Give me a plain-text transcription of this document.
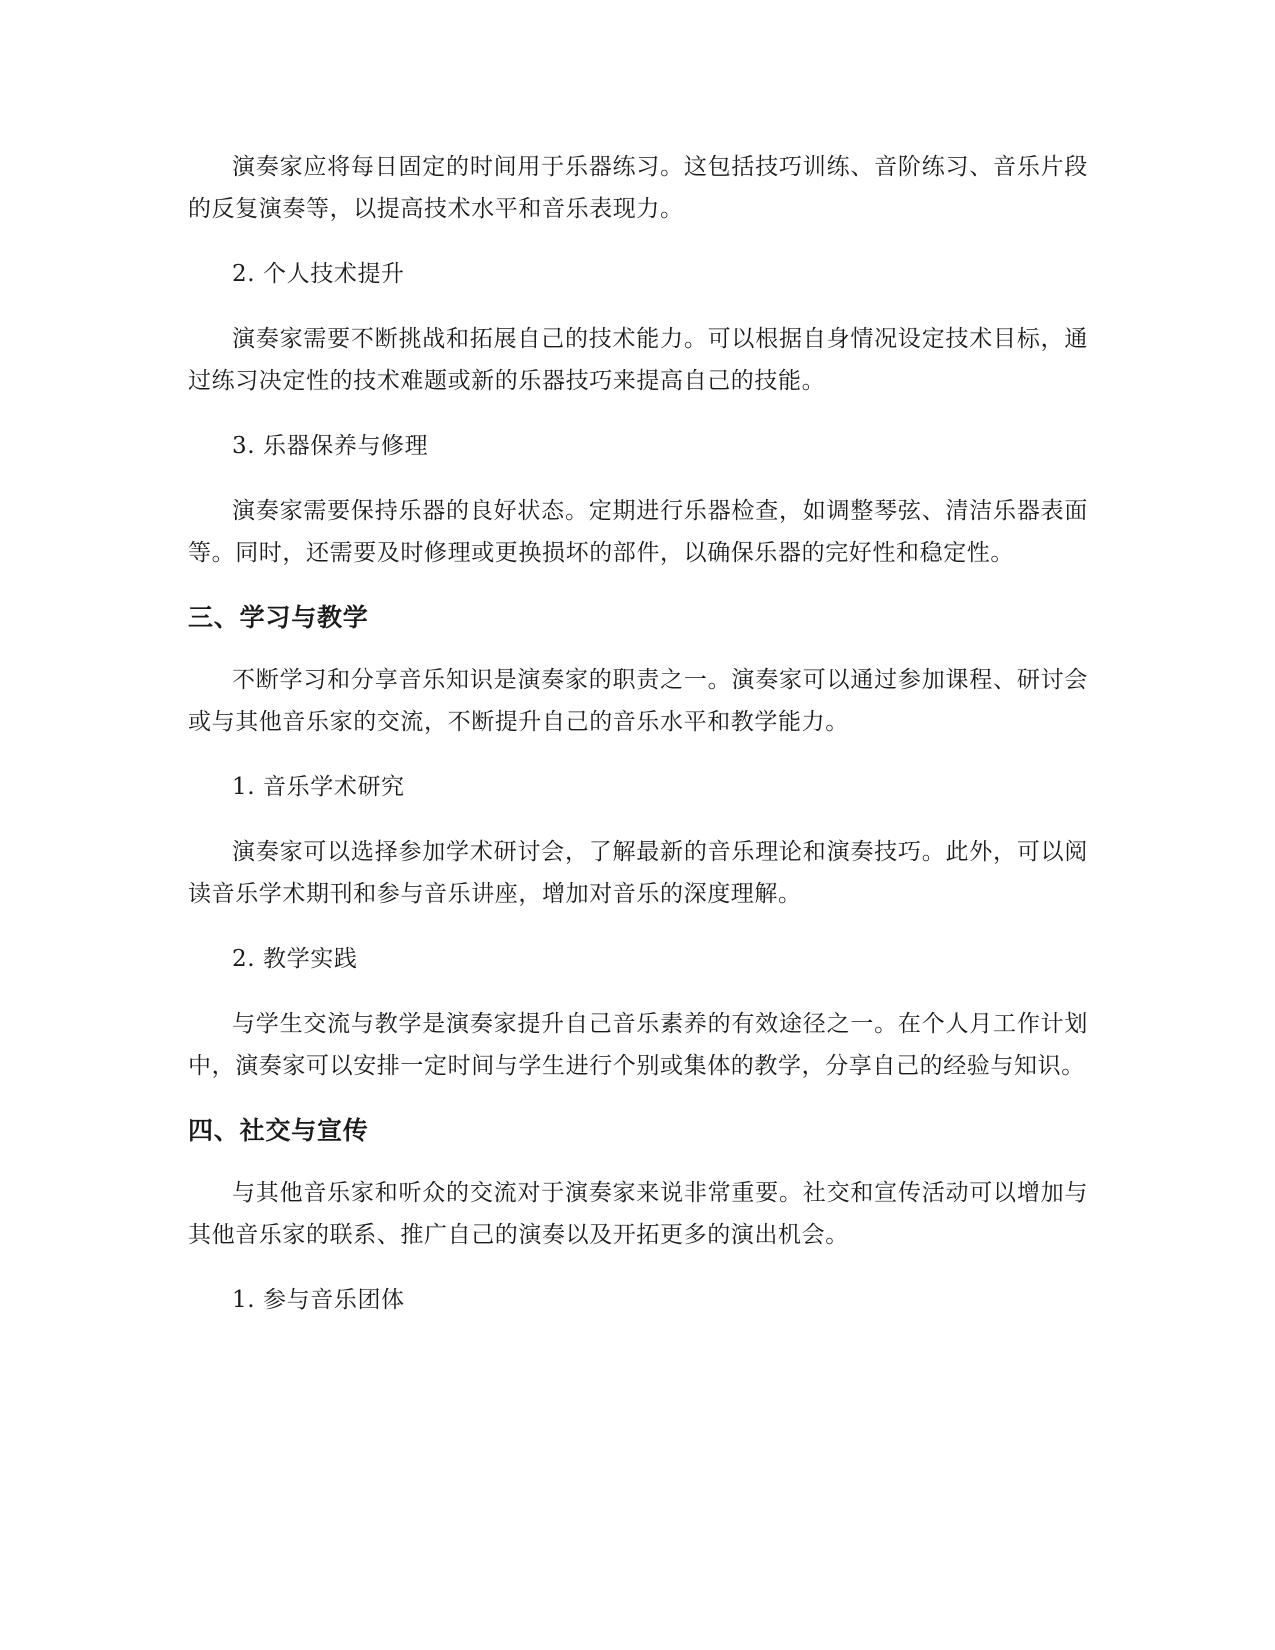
演奏家应将每日固定的时间用于乐器练习。这包括技巧训练、音阶练习、音乐片段的反复演奏等，以提高技术水平和音乐表现力。

2. 个人技术提升

演奏家需要不断挑战和拓展自己的技术能力。可以根据自身情况设定技术目标，通过练习决定性的技术难题或新的乐器技巧来提高自己的技能。

3. 乐器保养与修理

演奏家需要保持乐器的良好状态。定期进行乐器检查，如调整琴弦、清洁乐器表面等。同时，还需要及时修理或更换损坏的部件，以确保乐器的完好性和稳定性。

三、学习与教学

不断学习和分享音乐知识是演奏家的职责之一。演奏家可以通过参加课程、研讨会或与其他音乐家的交流，不断提升自己的音乐水平和教学能力。

1. 音乐学术研究

演奏家可以选择参加学术研讨会，了解最新的音乐理论和演奏技巧。此外，可以阅读音乐学术期刊和参与音乐讲座，增加对音乐的深度理解。

2. 教学实践

与学生交流与教学是演奏家提升自己音乐素养的有效途径之一。在个人月工作计划中，演奏家可以安排一定时间与学生进行个别或集体的教学，分享自己的经验与知识。

四、社交与宣传

与其他音乐家和听众的交流对于演奏家来说非常重要。社交和宣传活动可以增加与其他音乐家的联系、推广自己的演奏以及开拓更多的演出机会。

1. 参与音乐团体
